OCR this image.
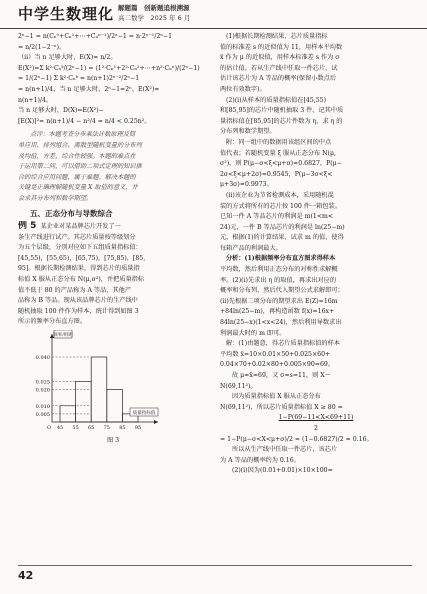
中学生数理化 解题篇　创新题追根溯源
高二数学　2025 年 6 月
2ⁿ−1 = n(Cₙ⁰+Cₙ¹+⋯+Cₙⁿ⁻¹)/2ⁿ−1 = n·2ⁿ⁻¹/2ⁿ−1
= n/2(1−2⁻ⁿ)。
（ii）当 n 足够大时，E(X)≈ n/2。
E(X²)=Σ k²·Cₙᵏ/(2ⁿ−1) = (1²·Cₙ¹+2²·Cₙ²+⋯+n²·Cₙⁿ)/(2ⁿ−1)
= 1/(2ⁿ−1) Σ k²·Cₙᵏ ≈ n(n+1)2ⁿ⁻²/2ⁿ−1
≈ n(n+1)/4，当 n 足够大时，2ⁿ−1≈2ⁿ，E(X²)≈
n(n+1)/4。
当 n 足够大时，D(X)=E(X²)−
[E(X)]²≈ n(n+1)/4 − n²/4 = n/4 < 0.25n²。
点评：本题考查分步乘法计数原理及简
单应用、排列组合、离散型随机变量的分布列
及均值、方差，综合性较强。本题的难点在
于运用第二问，可以借助二项式定理的知识推
合的综合应用问题，属于难题。解决本题的
关键是正确理解随机变量 X 取值的意义，并
会求其分布列和数学期望。
五、正态分布与导数综合
例 5 某企业对某品牌芯片开发了一
条生产线进行试产。其芯片质量按等级划分
为五个层级，分别对应如下五组质量指标值：
[45,55)，[55,65)，[65,75)，[75,85)，[85,
95]。根据长期检测结果，得到芯片的质量指
标值 X 服从正态分布 N(μ,σ²)，并把质量指标
值不低于 80 的产品称为 A 等品，其他产
品称为 B 等品。现从该品牌芯片的生产线中
随机抽取 100 件作为样本，统计得到如图 3
所示的频率分布直方图。
0.040
0.025
0.020
0.010
0.005
O 45 55 65 75 85 95
频率/组距
质量指标值
图 3
(1)根据长期检测结果，芯片质量指标
值的标准差 s 的近似值为 11，用样本平均数
x̄ 作为 μ 的近似值，用样本标准差 s 作为 σ
的估计值。若从生产线中任取一件芯片，试
估计该芯片为 A 等品的概率(保留小数点后
两位有效数字)。
(2)(i)从样本的质量指标值在[45,55)
和[85,95]的芯片中随机抽取 3 件，记其中质
量指标值在[85,95]的芯片件数为 η，求 η 的
分布列和数学期望。
附：同一组中的数据用该组区间的中点
值代表；若随机变量 ξ 服从正态分布 N(μ,
σ²)，则 P(μ−σ<ξ<μ+σ)≈0.6827，P(μ−
2σ<ξ<μ+2σ)≈0.9545，P(μ−3σ<ξ<
μ+3σ)≈0.9973。
(ii)该企业为节省检测成本，采用随机混
装的方式将所有的芯片按 100 件一箱包装。
已知一件 A 等品芯片的利润是 m(1<m<
24)元，一件 B 等品芯片的利润是 ln(25−m)
元，根据(1)的计算结果，试求 m 的值，使得
每箱产品的利润最大。
分析：(1)根据频率分布直方图求得样本
平均数，然后利用正态分布的对称性求解概
率。(2)(i)先求出 η 的取值，再求出对应的
概率和分布列，然后代入期望公式求解即可；
(ii)先根据二项分布的期望求出 E(Z)=16m
+84ln(25−m)，再构造函数 f(x)=16x+
84ln(25−x)(1<x<24)，然后利用导数求出
利润最大时的 m 即可。
解：(1)由题意，得芯片质量指标值的样本
平均数 x̄=10×0.01×50+0.025×60+
0.04×70+0.02×80+0.005×90=69。
故 μ≈x̄=69，又 σ≈s=11，则 X～
N(69,11²)。
因为质量指标值 X 服从正态分布
N(69,11²)，所以芯片质量指标值 X ≥ 80 =
1−P(69−11<X<69+11)
2
= 1−P(μ−σ<X<μ+σ)/2 ≈ (1−0.6827)/2 ≈ 0.16。
所以从生产线中任取一件芯片，该芯片
为 A 等品的概率约为 0.16。
(2)(i)因为(0.01+0.01)×10×100=
42
